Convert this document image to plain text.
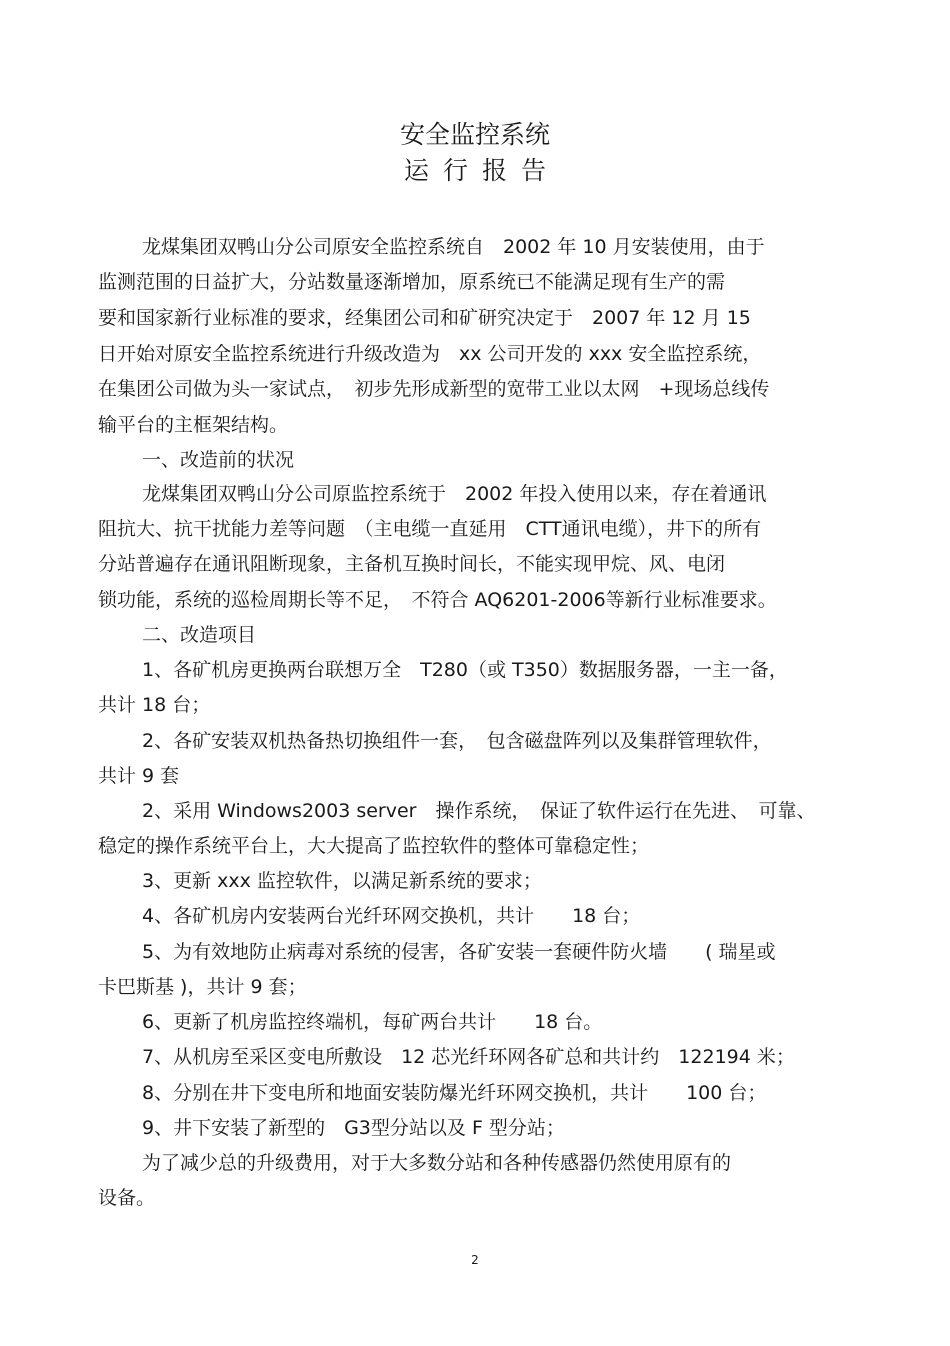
安全监控系统
运行报告
龙煤集团双鸭山分公司原安全监控系统自　2002 年 10 月安装使用，由于
监测范围的日益扩大，分站数量逐渐增加，原系统已不能满足现有生产的需
要和国家新行业标准的要求，经集团公司和矿研究决定于　2007 年 12 月 15
日开始对原安全监控系统进行升级改造为　xx 公司开发的 xxx 安全监控系统，
在集团公司做为头一家试点，　初步先形成新型的宽带工业以太网　+现场总线传
输平台的主框架结构。
一、改造前的状况
龙煤集团双鸭山分公司原监控系统于　2002 年投入使用以来，存在着通讯
阻抗大、抗干扰能力差等问题　（主电缆一直延用　CTT通讯电缆），井下的所有
分站普遍存在通讯阻断现象，主备机互换时间长，不能实现甲烷、风、电闭
锁功能，系统的巡检周期长等不足，　不符合 AQ6201-2006等新行业标准要求。
二、改造项目
1、各矿机房更换两台联想万全　T280（或 T350）数据服务器，一主一备，
共计 18 台；
2、各矿安装双机热备热切换组件一套，　包含磁盘阵列以及集群管理软件，
共计 9 套
2、采用 Windows2003 server　操作系统，　保证了软件运行在先进、　可靠、
稳定的操作系统平台上，大大提高了监控软件的整体可靠稳定性；
3、更新 xxx 监控软件，以满足新系统的要求；
4、各矿机房内安装两台光纤环网交换机，共计　　18 台；
5、为有效地防止病毒对系统的侵害，各矿安装一套硬件防火墙　　( 瑞星或
卡巴斯基 )，共计 9 套；
6、更新了机房监控终端机，每矿两台共计　　18 台。
7、从机房至采区变电所敷设　12 芯光纤环网各矿总和共计约　122194 米；
8、分别在井下变电所和地面安装防爆光纤环网交换机，共计　　100 台；
9、井下安装了新型的　G3型分站以及 F 型分站；
为了减少总的升级费用，对于大多数分站和各种传感器仍然使用原有的
设备。
2
